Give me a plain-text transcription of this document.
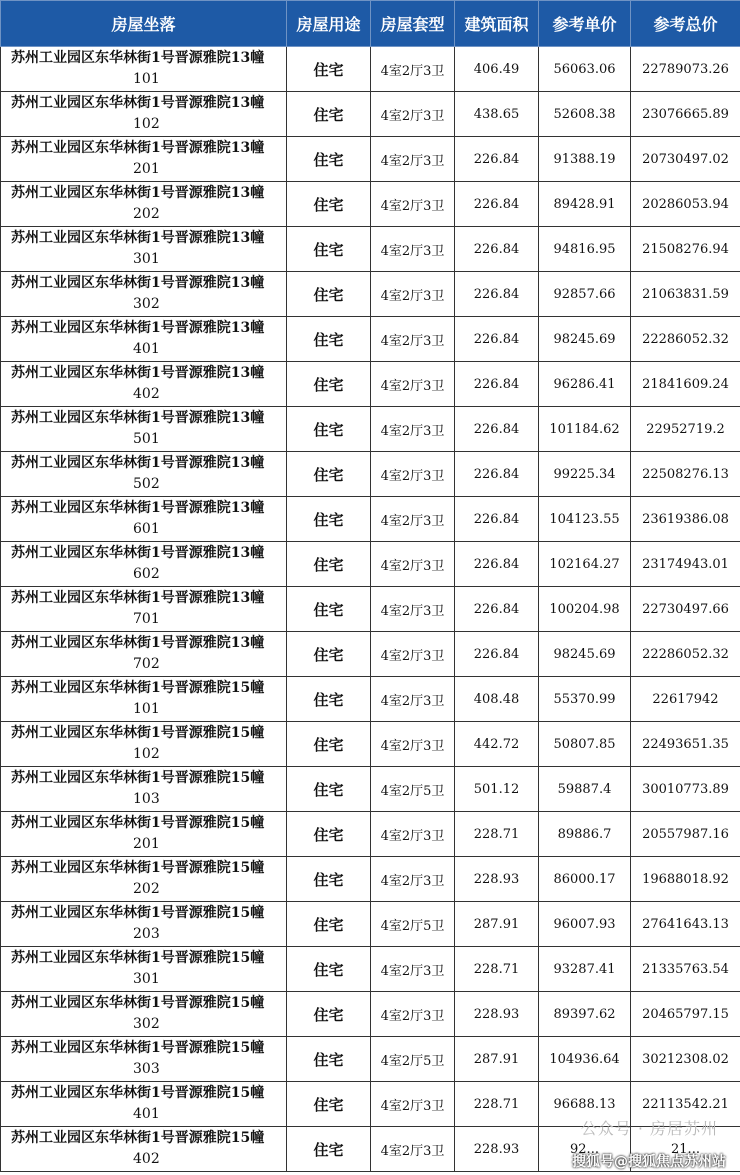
房屋坐落	房屋用途	房屋套型	建筑面积	参考单价	参考总价

苏州工业园区东华林街1号晋源雅院13幢
101	住宅	4室2厅3卫	406.49	56063.06	22789073.26

苏州工业园区东华林街1号晋源雅院13幢
102	住宅	4室2厅3卫	438.65	52608.38	23076665.89

苏州工业园区东华林街1号晋源雅院13幢
201	住宅	4室2厅3卫	226.84	91388.19	20730497.02

苏州工业园区东华林街1号晋源雅院13幢
202	住宅	4室2厅3卫	226.84	89428.91	20286053.94

苏州工业园区东华林街1号晋源雅院13幢
301	住宅	4室2厅3卫	226.84	94816.95	21508276.94

苏州工业园区东华林街1号晋源雅院13幢
302	住宅	4室2厅3卫	226.84	92857.66	21063831.59

苏州工业园区东华林街1号晋源雅院13幢
401	住宅	4室2厅3卫	226.84	98245.69	22286052.32

苏州工业园区东华林街1号晋源雅院13幢
402	住宅	4室2厅3卫	226.84	96286.41	21841609.24

苏州工业园区东华林街1号晋源雅院13幢
501	住宅	4室2厅3卫	226.84	101184.62	22952719.2

苏州工业园区东华林街1号晋源雅院13幢
502	住宅	4室2厅3卫	226.84	99225.34	22508276.13

苏州工业园区东华林街1号晋源雅院13幢
601	住宅	4室2厅3卫	226.84	104123.55	23619386.08

苏州工业园区东华林街1号晋源雅院13幢
602	住宅	4室2厅3卫	226.84	102164.27	23174943.01

苏州工业园区东华林街1号晋源雅院13幢
701	住宅	4室2厅3卫	226.84	100204.98	22730497.66

苏州工业园区东华林街1号晋源雅院13幢
702	住宅	4室2厅3卫	226.84	98245.69	22286052.32

苏州工业园区东华林街1号晋源雅院15幢
101	住宅	4室2厅3卫	408.48	55370.99	22617942

苏州工业园区东华林街1号晋源雅院15幢
102	住宅	4室2厅3卫	442.72	50807.85	22493651.35

苏州工业园区东华林街1号晋源雅院15幢
103	住宅	4室2厅5卫	501.12	59887.4	30010773.89

苏州工业园区东华林街1号晋源雅院15幢
201	住宅	4室2厅3卫	228.71	89886.7	20557987.16

苏州工业园区东华林街1号晋源雅院15幢
202	住宅	4室2厅3卫	228.93	86000.17	19688018.92

苏州工业园区东华林街1号晋源雅院15幢
203	住宅	4室2厅5卫	287.91	96007.93	27641643.13

苏州工业园区东华林街1号晋源雅院15幢
301	住宅	4室2厅3卫	228.71	93287.41	21335763.54

苏州工业园区东华林街1号晋源雅院15幢
302	住宅	4室2厅3卫	228.93	89397.62	20465797.15

苏州工业园区东华林街1号晋源雅院15幢
303	住宅	4室2厅5卫	287.91	104936.64	30212308.02

苏州工业园区东华林街1号晋源雅院15幢
401	住宅	4室2厅3卫	228.71	96688.13	22113542.21

苏州工业园区东华林街1号晋源雅院15幢
402	住宅	4室2厅3卫	228.93	92...	21...
公众号 · 房居苏州
搜狐号@搜狐焦点苏州站
